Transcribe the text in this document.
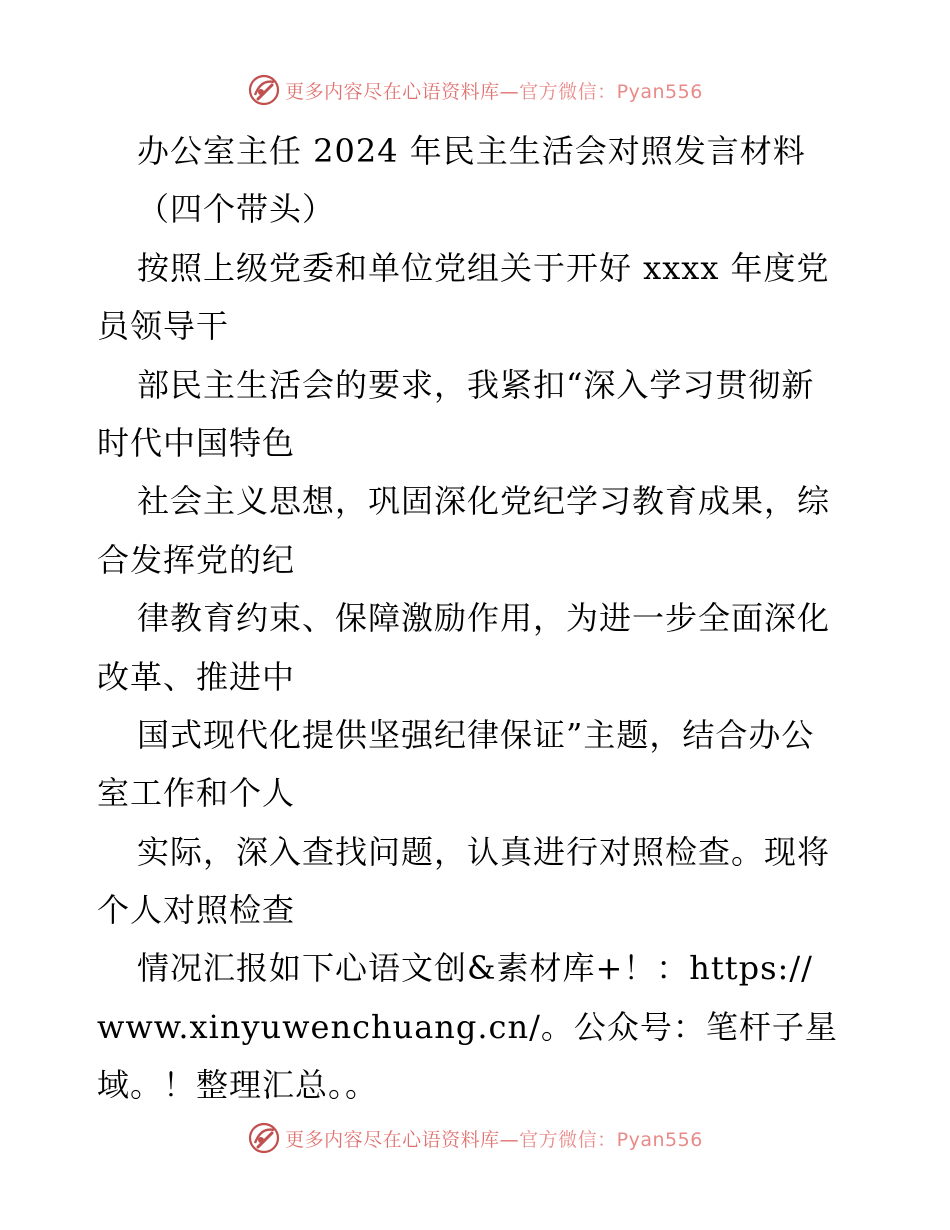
更多内容尽在心语资料库—官方微信：Pyan556
办公室主任 2024 年民主生活会对照发言材料
（四个带头）
按照上级党委和单位党组关于开好 xxxx 年度党
员领导干
部民主生活会的要求，我紧扣“深入学习贯彻新
时代中国特色
社会主义思想，巩固深化党纪学习教育成果，综
合发挥党的纪
律教育约束、保障激励作用，为进一步全面深化
改革、推进中
国式现代化提供坚强纪律保证”主题，结合办公
室工作和个人
实际，深入查找问题，认真进行对照检查。现将
个人对照检查
情况汇报如下心语文创&素材库+！：https://
www.xinyuwenchuang.cn/。公众号：笔杆子星
域。！整理汇总。。
更多内容尽在心语资料库—官方微信：Pyan556
